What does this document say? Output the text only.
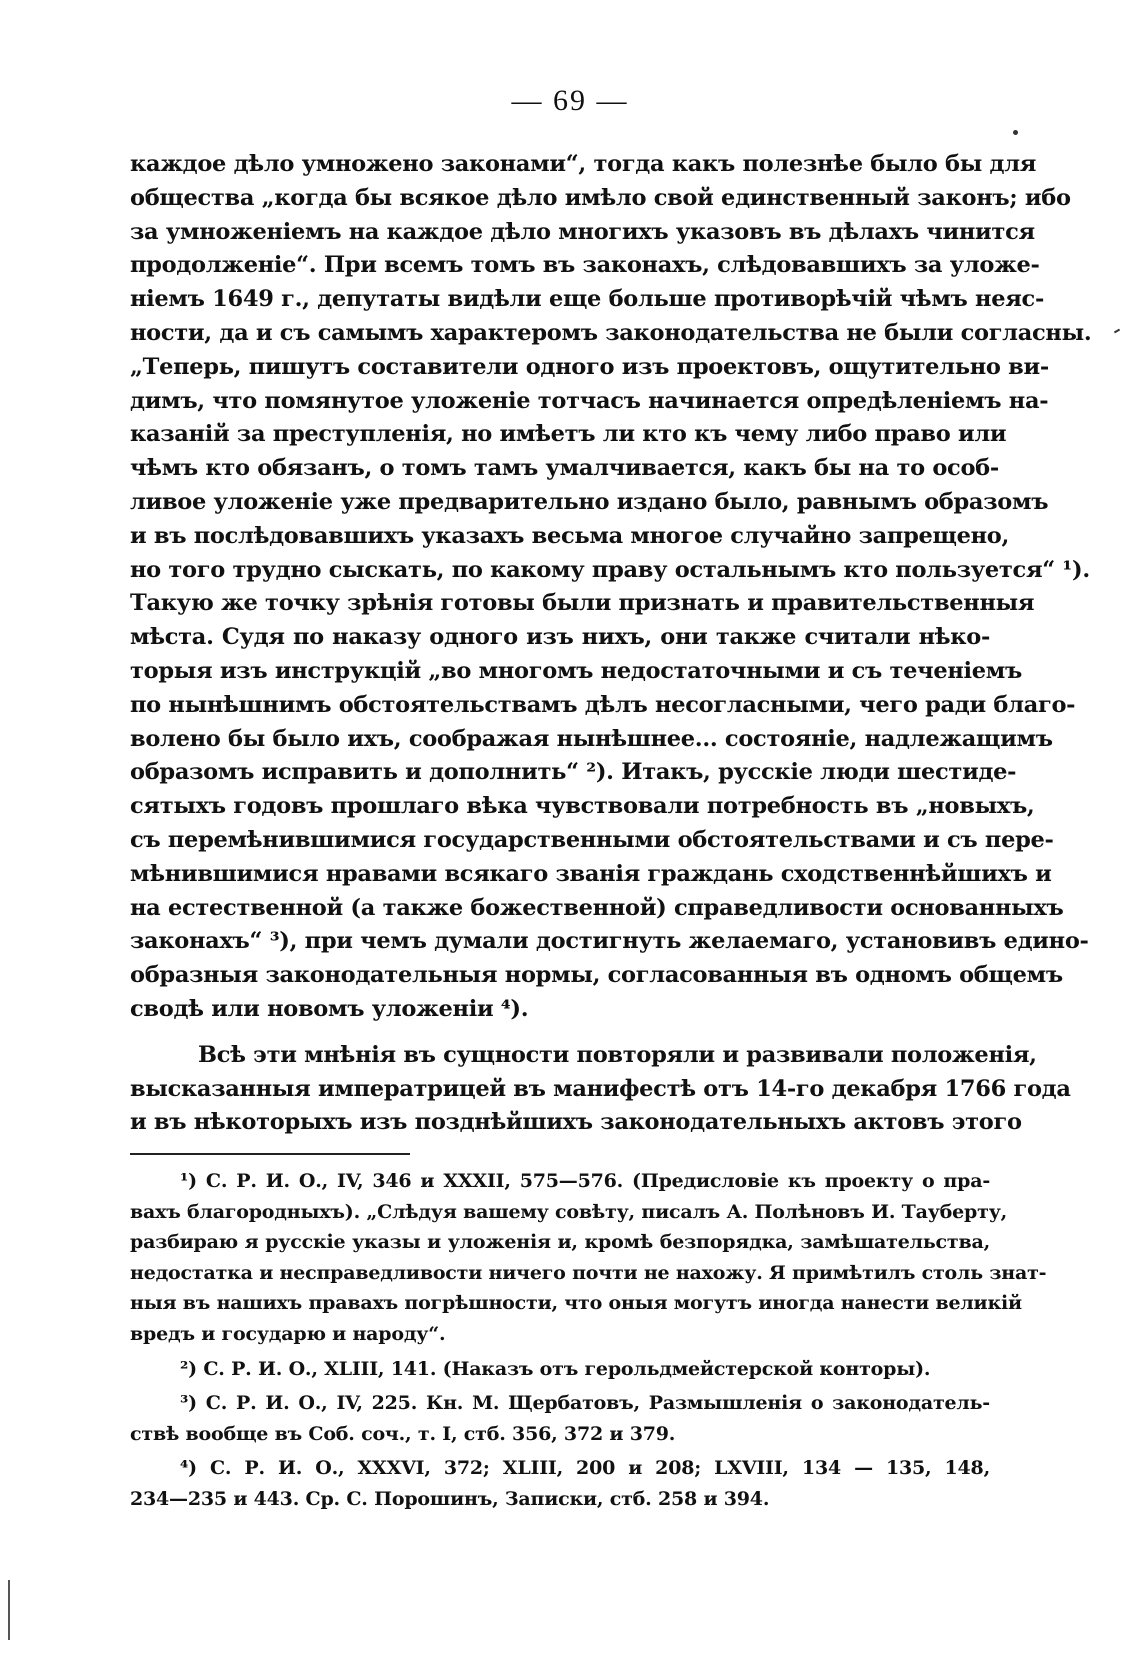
— 69 —
каждое дѣло умножено законами“, тогда какъ полезнѣе было бы для
общества „когда бы всякое дѣло имѣло свой единственный законъ; ибо
за умноженіемъ на каждое дѣло многихъ указовъ въ дѣлахъ чинится
продолженіе“. При всемъ томъ въ законахъ, слѣдовавшихъ за уложе-
ніемъ 1649 г., депутаты видѣли еще больше противорѣчій чѣмъ неяс-
ности, да и съ самымъ характеромъ законодательства не были согласны.
„Теперь, пишутъ составители одного изъ проектовъ, ощутительно ви-
димъ, что помянутое уложеніе тотчасъ начинается опредѣленіемъ на-
казаній за преступленія, но имѣетъ ли кто къ чему либо право или
чѣмъ кто обязанъ, о томъ тамъ умалчивается, какъ бы на то особ-
ливое уложеніе уже предварительно издано было, равнымъ образомъ
и въ послѣдовавшихъ указахъ весьма многое случайно запрещено,
но того трудно сыскать, по какому праву остальнымъ кто пользуется“ ¹).
Такую же точку зрѣнія готовы были признать и правительственныя
мѣста. Судя по наказу одного изъ нихъ, они также считали нѣко-
торыя изъ инструкцій „во многомъ недостаточными и съ теченіемъ
по нынѣшнимъ обстоятельствамъ дѣлъ несогласными, чего ради благо-
волено бы было ихъ, соображая нынѣшнее... состояніе, надлежащимъ
образомъ исправить и дополнить“ ²). Итакъ, русскіе люди шестиде-
сятыхъ годовъ прошлаго вѣка чувствовали потребность въ „новыхъ,
съ перемѣнившимися государственными обстоятельствами и съ пере-
мѣнившимися нравами всякаго званія граждань сходственнѣйшихъ и
на естественной (а также божественной) справедливости основанныхъ
законахъ“ ³), при чемъ думали достигнуть желаемаго, установивъ едино-
образныя законодательныя нормы, согласованныя въ одномъ общемъ
сводѣ или новомъ уложеніи ⁴).
Всѣ эти мнѣнія въ сущности повторяли и развивали положенія,
высказанныя императрицей въ манифестѣ отъ 14-го декабря 1766 года
и въ нѣкоторыхъ изъ позднѣйшихъ законодательныхъ актовъ этого
¹) С. Р. И. О., IV, 346 и XXXII, 575—576. (Предисловіе къ проекту о пра-
вахъ благородныхъ). „Слѣдуя вашему совѣту, писалъ А. Полѣновъ И. Тауберту,
разбираю я русскіе указы и уложенія и, кромѣ безпорядка, замѣшательства,
недостатка и несправедливости ничего почти не нахожу. Я примѣтилъ столь знат-
ныя въ нашихъ правахъ погрѣшности, что оныя могутъ иногда нанести великій
вредъ и государю и народу“.
²) С. Р. И. О., XLIII, 141. (Наказъ отъ герольдмейстерской конторы).
³) С. Р. И. О., IV, 225. Кн. М. Щербатовъ, Размышленія о законодатель-
ствѣ вообще въ Соб. соч., т. I, стб. 356, 372 и 379.
⁴) С. Р. И. О., XXXVI, 372; XLIII, 200 и 208; LXVIII, 134 — 135, 148,
234—235 и 443. Ср. С. Порошинъ, Записки, стб. 258 и 394.
